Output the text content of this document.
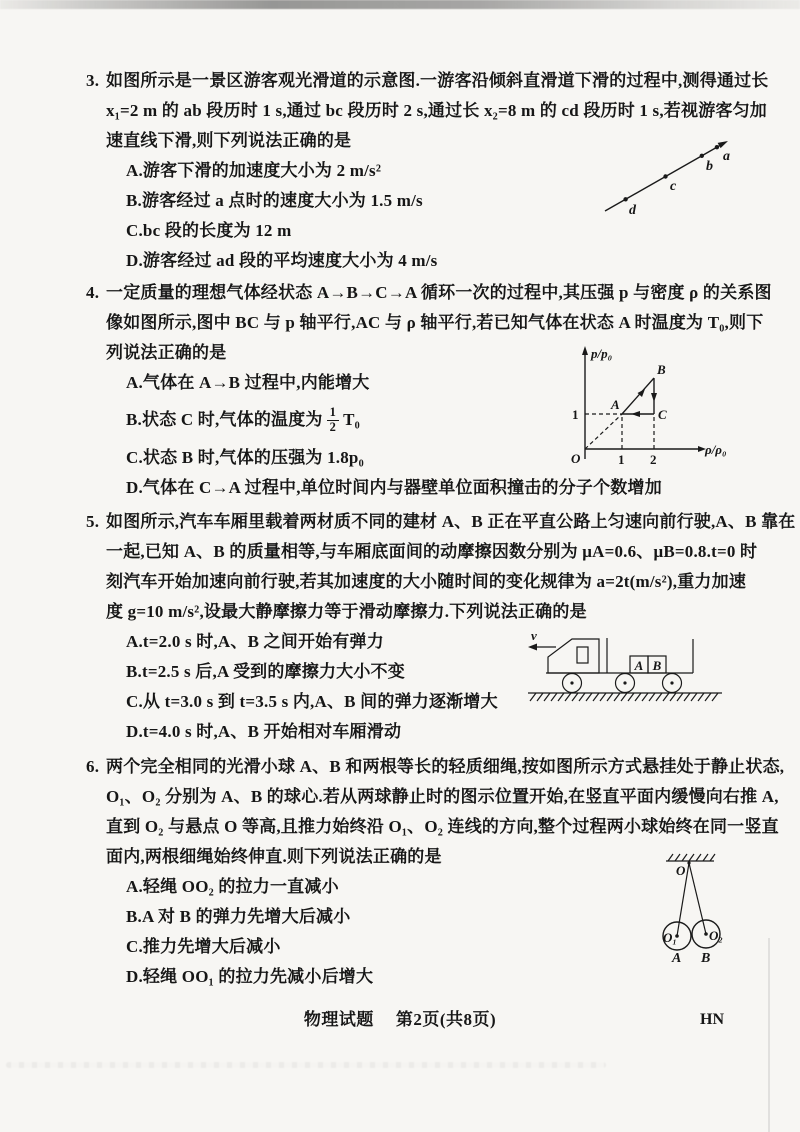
3. 如图所示是一景区游客观光滑道的示意图.一游客沿倾斜直滑道下滑的过程中,测得通过长
x₁=2 m 的 ab 段历时 1 s,通过 bc 段历时 2 s,通过长 x₂=8 m 的 cd 段历时 1 s,若视游客匀加
速直线下滑,则下列说法正确的是
A.游客下滑的加速度大小为 2 m/s²
B.游客经过 a 点时的速度大小为 1.5 m/s
C.bc 段的长度为 12 m
D.游客经过 ad 段的平均速度大小为 4 m/s
a
b
c
d
4. 一定质量的理想气体经状态 A→B→C→A 循环一次的过程中,其压强 p 与密度 ρ 的关系图
像如图所示,图中 BC 与 p 轴平行,AC 与 ρ 轴平行,若已知气体在状态 A 时温度为 T₀,则下
列说法正确的是
A.气体在 A→B 过程中,内能增大
B.状态 C 时,气体的温度为 $\frac{1}{2} T_0$
C.状态 B 时,气体的压强为 1.8p₀
D.气体在 C→A 过程中,单位时间内与器壁单位面积撞击的分子个数增加
p/p₀
ρ/ρ₀
O	1 2
1
A
B
C
5. 如图所示,汽车车厢里载着两材质不同的建材 A、B 正在平直公路上匀速向前行驶,A、B 靠在
一起,已知 A、B 的质量相等,与车厢底面间的动摩擦因数分别为 μA=0.6、μB=0.8.t=0 时
刻汽车开始加速向前行驶,若其加速度的大小随时间的变化规律为 a=2t(m/s²),重力加速
度 g=10 m/s²,设最大静摩擦力等于滑动摩擦力.下列说法正确的是
A.t=2.0 s 时,A、B 之间开始有弹力
B.t=2.5 s 后,A 受到的摩擦力大小不变
C.从 t=3.0 s 到 t=3.5 s 内,A、B 间的弹力逐渐增大
D.t=4.0 s 时,A、B 开始相对车厢滑动
v
A B
6. 两个完全相同的光滑小球 A、B 和两根等长的轻质细绳,按如图所示方式悬挂处于静止状态,
O₁、O₂ 分别为 A、B 的球心.若从两球静止时的图示位置开始,在竖直平面内缓慢向右推 A,
直到 O₂ 与悬点 O 等高,且推力始终沿 O₁、O₂ 连线的方向,整个过程两小球始终在同一竖直
面内,两根细绳始终伸直.则下列说法正确的是
A.轻绳 OO₂ 的拉力一直减小
B.A 对 B 的弹力先增大后减小
C.推力先增大后减小
D.轻绳 OO₁ 的拉力先减小后增大
O
O₁ O₂
A B
物理试题 第2页(共8页)	HN
